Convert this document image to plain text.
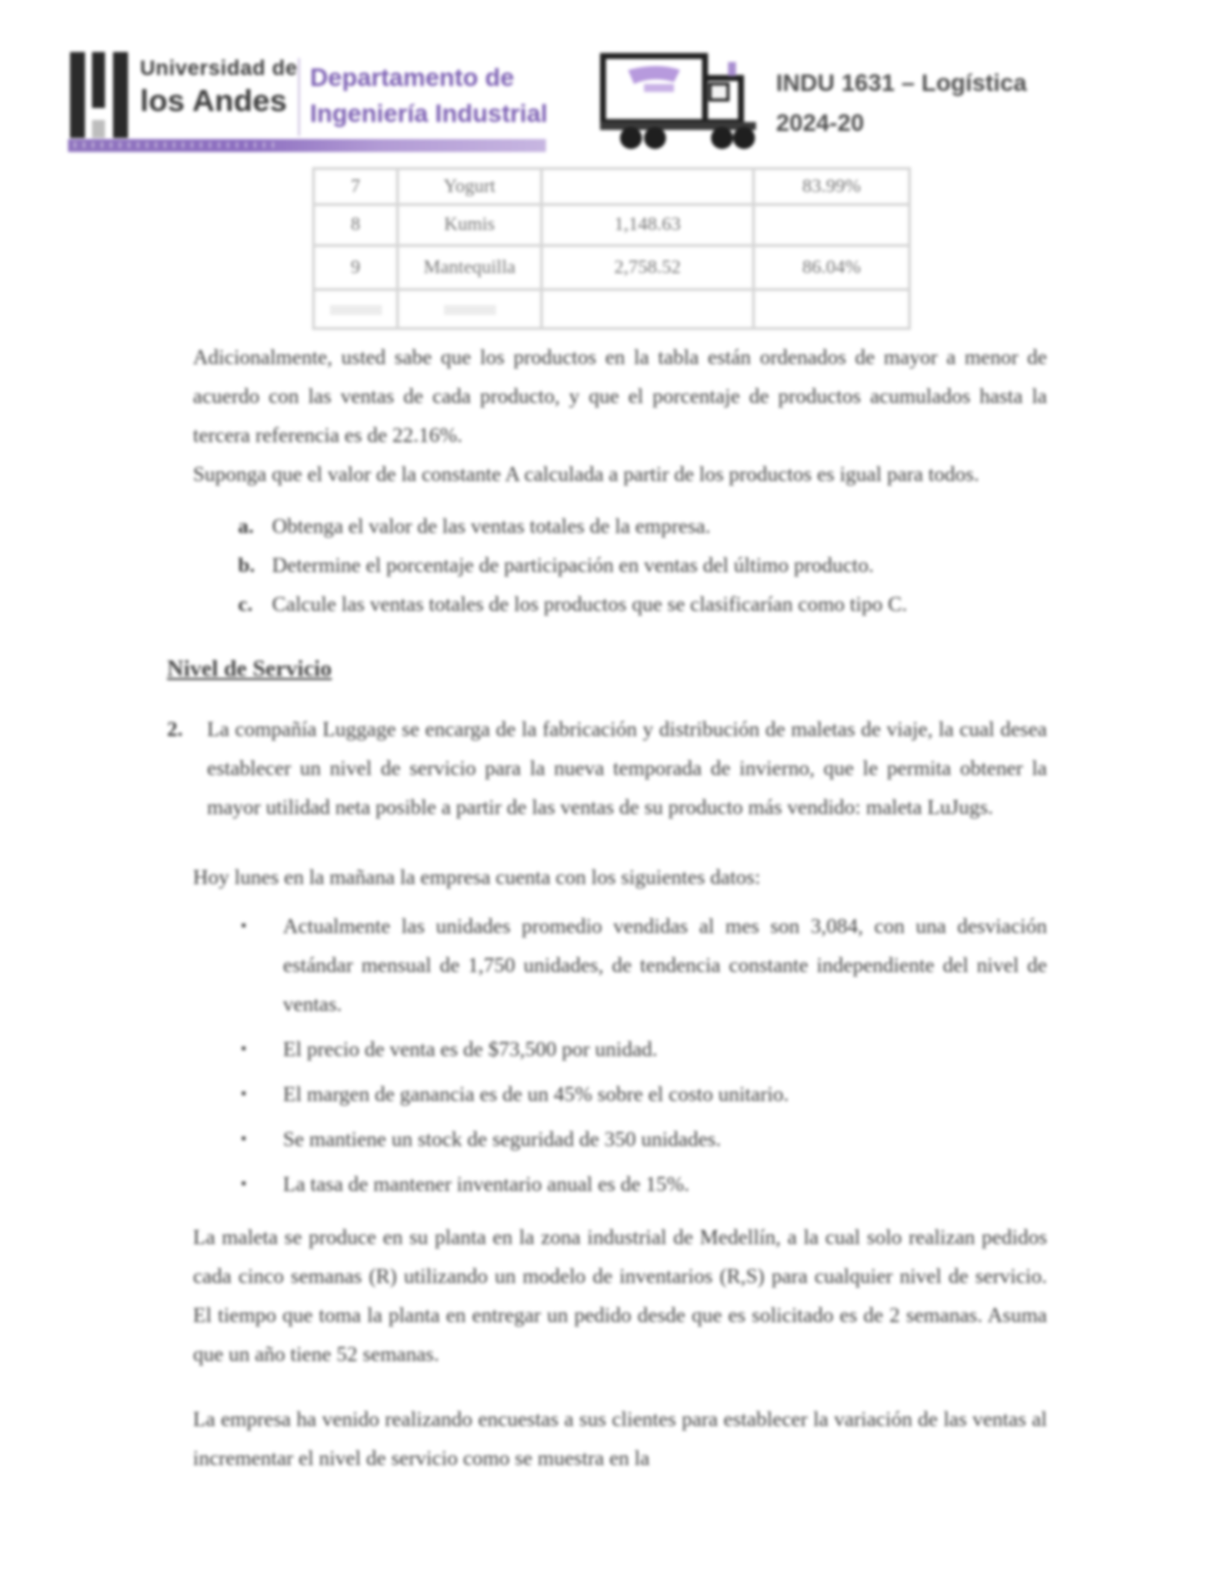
Universidad de
los Andes
Departamento de
Ingeniería Industrial
INDU 1631 – Logística
2024-20
7	Yogurt		83.99%
8	Kumis	1,148.63	
9	Mantequilla	2,758.52	86.04%

Adicionalmente, usted sabe que los productos en la tabla están ordenados de mayor a menor de acuerdo con las ventas de cada producto, y que el porcentaje de productos acumulados hasta la tercera referencia es de 22.16%.

Suponga que el valor de la constante A calculada a partir de los productos es igual para todos.

a. Obtenga el valor de las ventas totales de la empresa.
b. Determine el porcentaje de participación en ventas del último producto.
c. Calcule las ventas totales de los productos que se clasificarían como tipo C.
Nivel de Servicio
2.	La compañía Luggage se encarga de la fabricación y distribución de maletas de viaje, la cual desea establecer un nivel de servicio para la nueva temporada de invierno, que le permita obtener la mayor utilidad neta posible a partir de las ventas de su producto más vendido: maleta LuJugs.

Hoy lunes en la mañana la empresa cuenta con los siguientes datos:

▪	Actualmente las unidades promedio vendidas al mes son 3,084, con una desviación estándar mensual de 1,750 unidades, de tendencia constante independiente del nivel de ventas.
▪	El precio de venta es de $73,500 por unidad.
▪	El margen de ganancia es de un 45% sobre el costo unitario.
▪	Se mantiene un stock de seguridad de 350 unidades.
▪	La tasa de mantener inventario anual es de 15%.

La maleta se produce en su planta en la zona industrial de Medellín, a la cual solo realizan pedidos cada cinco semanas (R) utilizando un modelo de inventarios (R,S) para cualquier nivel de servicio. El tiempo que toma la planta en entregar un pedido desde que es solicitado es de 2 semanas. Asuma que un año tiene 52 semanas.

La empresa ha venido realizando encuestas a sus clientes para establecer la variación de las ventas al incrementar el nivel de servicio como se muestra en la
